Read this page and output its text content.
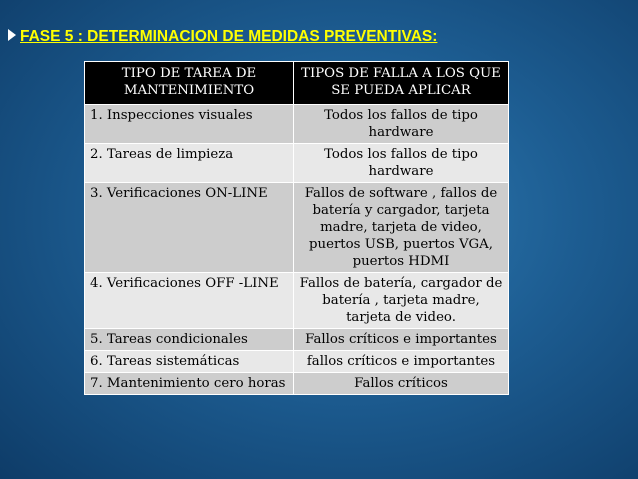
FASE 5 : DETERMINACION DE MEDIDAS PREVENTIVAS:
TIPO DE TAREA DE MANTENIMIENTO	TIPOS DE FALLA A LOS QUE SE PUEDA APLICAR
1. Inspecciones visuales	Todos los fallos de tipo hardware
2. Tareas de limpieza	Todos los fallos de tipo hardware
3. Verificaciones ON-LINE	Fallos de software , fallos de batería y cargador, tarjeta madre, tarjeta de video, puertos USB, puertos VGA, puertos HDMI
4. Verificaciones OFF -LINE	Fallos de batería, cargador de batería , tarjeta madre, tarjeta de video.
5. Tareas condicionales	Fallos críticos e importantes
6. Tareas sistemáticas	fallos críticos e importantes
7. Mantenimiento cero horas	Fallos críticos
